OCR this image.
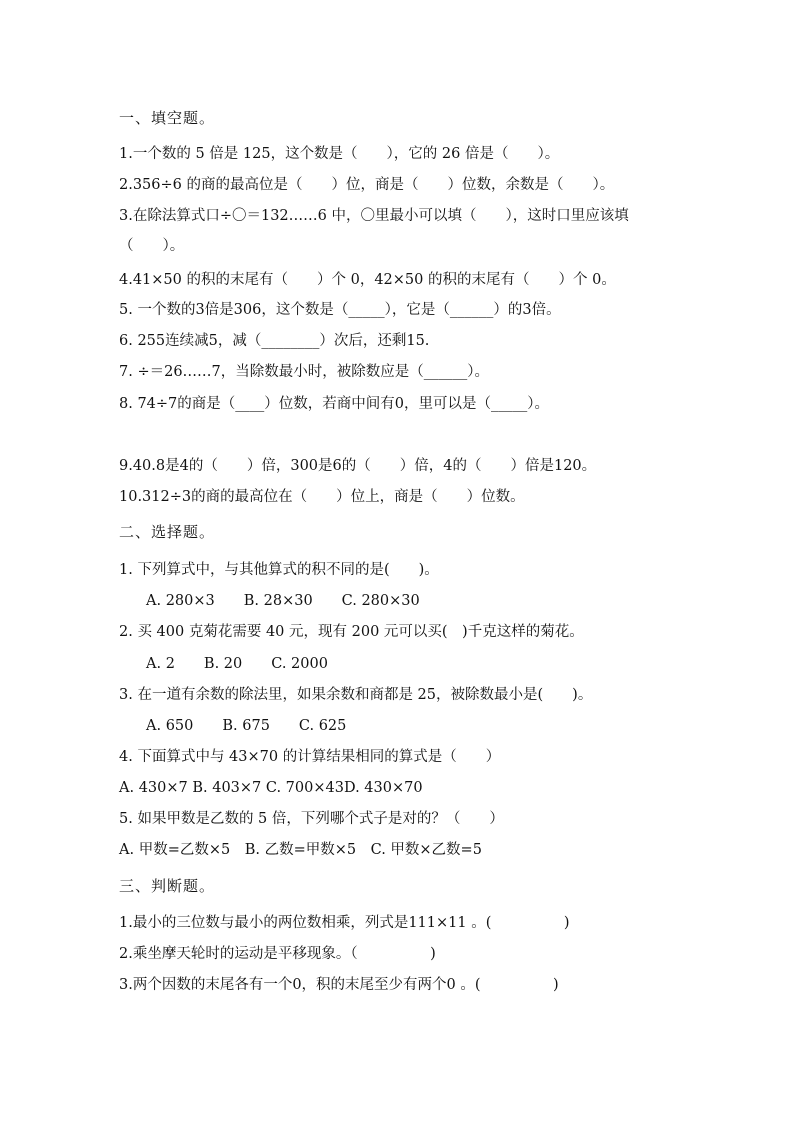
一、填空题。
1.一个数的 5 倍是 125，这个数是（　　），它的 26 倍是（　　）。
2.356÷6 的商的最高位是（　　）位，商是（　　）位数，余数是（　　）。
3.在除法算式口÷〇＝132……6 中，〇里最小可以填（　　），这时口里应该填
（　　）。
4.41×50 的积的末尾有（　　）个 0，42×50 的积的末尾有（　　）个 0。
5. 一个数的3倍是306，这个数是（_____），它是（______）的3倍。
6. 255连续减5，减（________）次后，还剩15.
7. ÷＝26……7，当除数最小时，被除数应是（______）。
8. 74÷7的商是（____）位数，若商中间有0，里可以是（_____）。
9.40.8是4的（　　）倍，300是6的（　　）倍，4的（　　）倍是120。
10.312÷3的商的最高位在（　　）位上，商是（　　）位数。
二、选择题。
1. 下列算式中，与其他算式的积不同的是(　　)。
A. 280×3　　B. 28×30　　C. 280×30
2. 买 400 克菊花需要 40 元，现有 200 元可以买(　)千克这样的菊花。
A. 2　　B. 20　　C. 2000
3. 在一道有余数的除法里，如果余数和商都是 25，被除数最小是(　　)。
A. 650　　B. 675　　C. 625
4. 下面算式中与 43×70 的计算结果相同的算式是（　　）
A. 430×7 B. 403×7 C. 700×43D. 430×70
5. 如果甲数是乙数的 5 倍，下列哪个式子是对的？（　　）
A. 甲数=乙数×5　B. 乙数=甲数×5　C. 甲数×乙数=5
三、判断题。
1.最小的三位数与最小的两位数相乘，列式是111×11 。(　　　　　)
2.乘坐摩天轮时的运动是平移现象。（　　　　　)
3.两个因数的末尾各有一个0，积的末尾至少有两个0 。(　　　　　)
